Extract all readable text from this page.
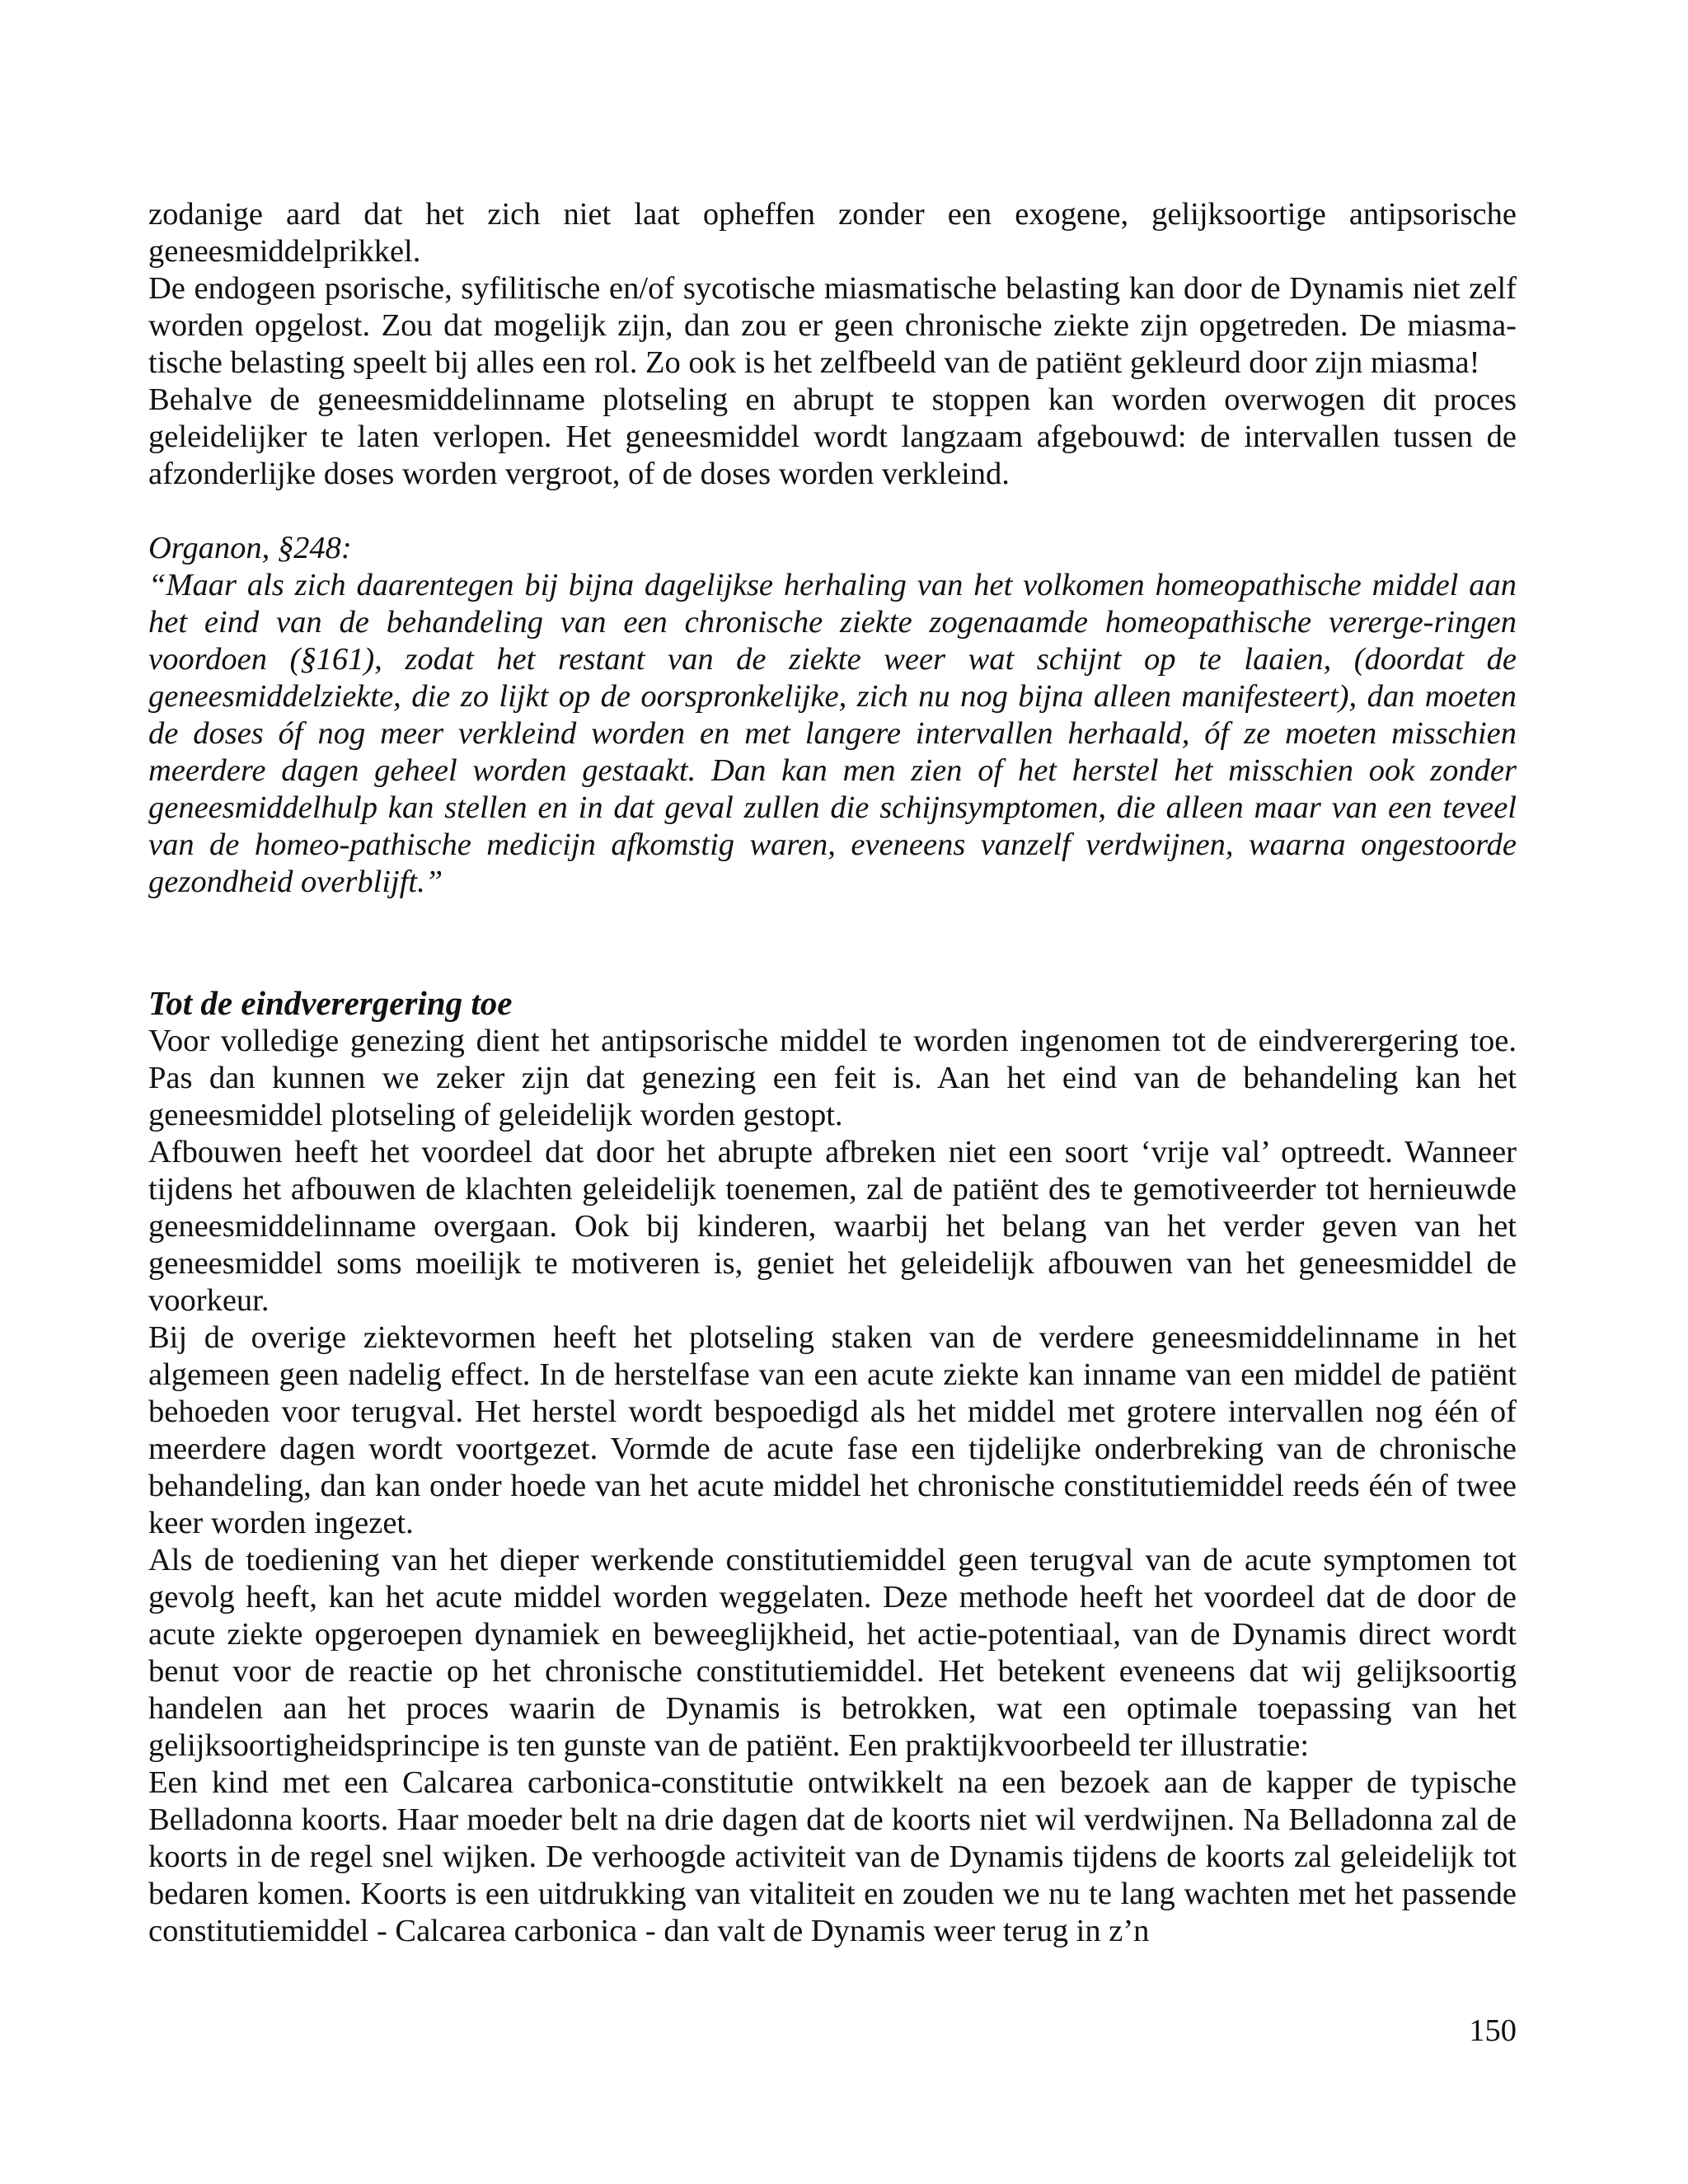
zodanige aard dat het zich niet laat opheffen zonder een exogene, gelijksoortige antipsorische geneesmiddelprikkel.

De endogeen psorische, syfilitische en/of sycotische miasmatische belasting kan door de Dynamis niet zelf worden opgelost. Zou dat mogelijk zijn, dan zou er geen chronische ziekte zijn opgetreden. De miasma-tische belasting speelt bij alles een rol. Zo ook is het zelfbeeld van de patiënt gekleurd door zijn miasma!

Behalve de geneesmiddelinname plotseling en abrupt te stoppen kan worden overwogen dit proces geleidelijker te laten verlopen. Het geneesmiddel wordt langzaam afgebouwd: de intervallen tussen de afzonderlijke doses worden vergroot, of de doses worden verkleind.

Organon, §248:

“Maar als zich daarentegen bij bijna dagelijkse herhaling van het volkomen homeopathische middel aan het eind van de behandeling van een chronische ziekte zogenaamde homeopathische vererge-ringen voordoen (§161), zodat het restant van de ziekte weer wat schijnt op te laaien, (doordat de geneesmiddelziekte, die zo lijkt op de oorspronkelijke, zich nu nog bijna alleen manifesteert), dan moeten de doses óf nog meer verkleind worden en met langere intervallen herhaald, óf ze moeten misschien meerdere dagen geheel worden gestaakt. Dan kan men zien of het herstel het misschien ook zonder geneesmiddelhulp kan stellen en in dat geval zullen die schijnsymptomen, die alleen maar van een teveel van de homeo-pathische medicijn afkomstig waren, eveneens vanzelf verdwijnen, waarna ongestoorde gezondheid overblijft.”

Tot de eindverergering toe

Voor volledige genezing dient het antipsorische middel te worden ingenomen tot de eindverergering toe. Pas dan kunnen we zeker zijn dat genezing een feit is. Aan het eind van de behandeling kan het geneesmiddel plotseling of geleidelijk worden gestopt.

Afbouwen heeft het voordeel dat door het abrupte afbreken niet een soort ‘vrije val’ optreedt. Wanneer tijdens het afbouwen de klachten geleidelijk toenemen, zal de patiënt des te gemotiveerder tot hernieuwde geneesmiddelinname overgaan. Ook bij kinderen, waarbij het belang van het verder geven van het geneesmiddel soms moeilijk te motiveren is, geniet het geleidelijk afbouwen van het geneesmiddel de voorkeur.

Bij de overige ziektevormen heeft het plotseling staken van de verdere geneesmiddelinname in het algemeen geen nadelig effect. In de herstelfase van een acute ziekte kan inname van een middel de patiënt behoeden voor terugval. Het herstel wordt bespoedigd als het middel met grotere intervallen nog één of meerdere dagen wordt voortgezet. Vormde de acute fase een tijdelijke onderbreking van de chronische behandeling, dan kan onder hoede van het acute middel het chronische constitutiemiddel reeds één of twee keer worden ingezet.

Als de toediening van het dieper werkende constitutiemiddel geen terugval van de acute symptomen tot gevolg heeft, kan het acute middel worden weggelaten. Deze methode heeft het voordeel dat de door de acute ziekte opgeroepen dynamiek en beweeglijkheid, het actie-potentiaal, van de Dynamis direct wordt benut voor de reactie op het chronische constitutiemiddel. Het betekent eveneens dat wij gelijksoortig handelen aan het proces waarin de Dynamis is betrokken, wat een optimale toepassing van het gelijksoortigheidsprincipe is ten gunste van de patiënt. Een praktijkvoorbeeld ter illustratie:

Een kind met een Calcarea carbonica-constitutie ontwikkelt na een bezoek aan de kapper de typische Belladonna koorts. Haar moeder belt na drie dagen dat de koorts niet wil verdwijnen. Na Belladonna zal de koorts in de regel snel wijken. De verhoogde activiteit van de Dynamis tijdens de koorts zal geleidelijk tot bedaren komen. Koorts is een uitdrukking van vitaliteit en zouden we nu te lang wachten met het passende constitutiemiddel - Calcarea carbonica - dan valt de Dynamis weer terug in z’n

150
